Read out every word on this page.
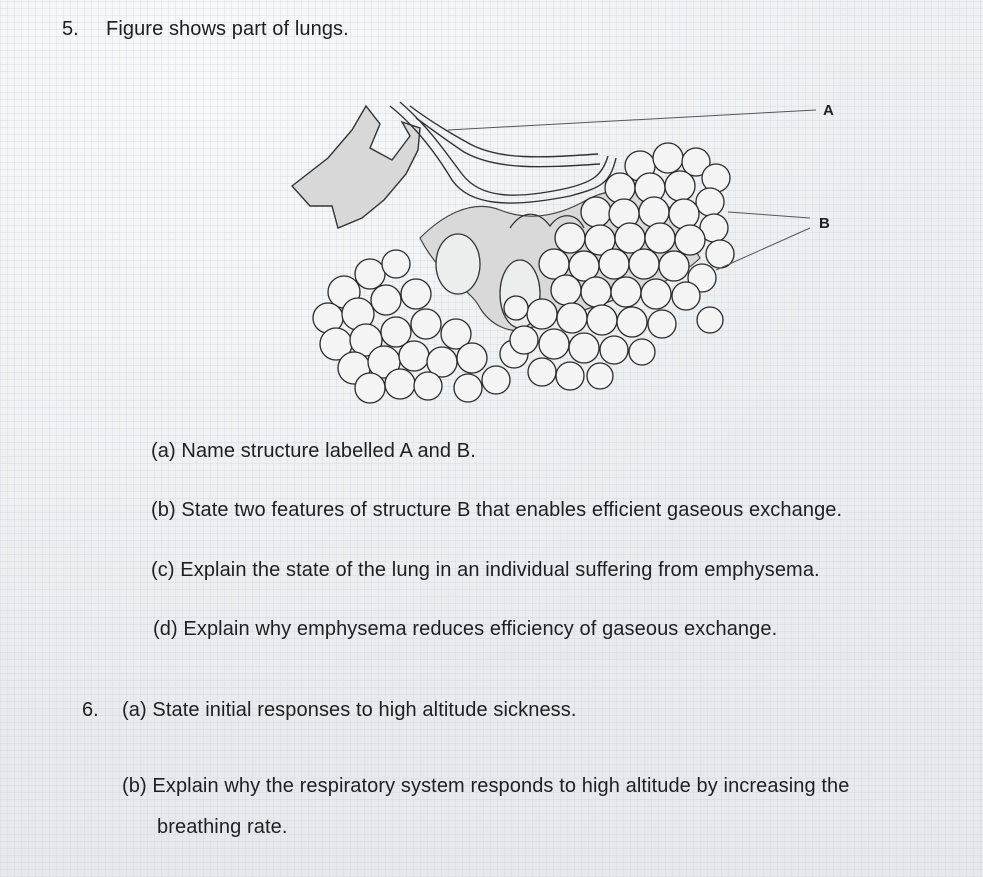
5. Figure shows part of lungs.
A
B
(a) Name structure labelled A and B.
(b) State two features of structure B that enables efficient gaseous exchange.
(c) Explain the state of the lung in an individual suffering from emphysema.
(d) Explain why emphysema reduces efficiency of gaseous exchange.
6. (a) State initial responses to high altitude sickness.
(b) Explain why the respiratory system responds to high altitude by increasing the
breathing rate.
